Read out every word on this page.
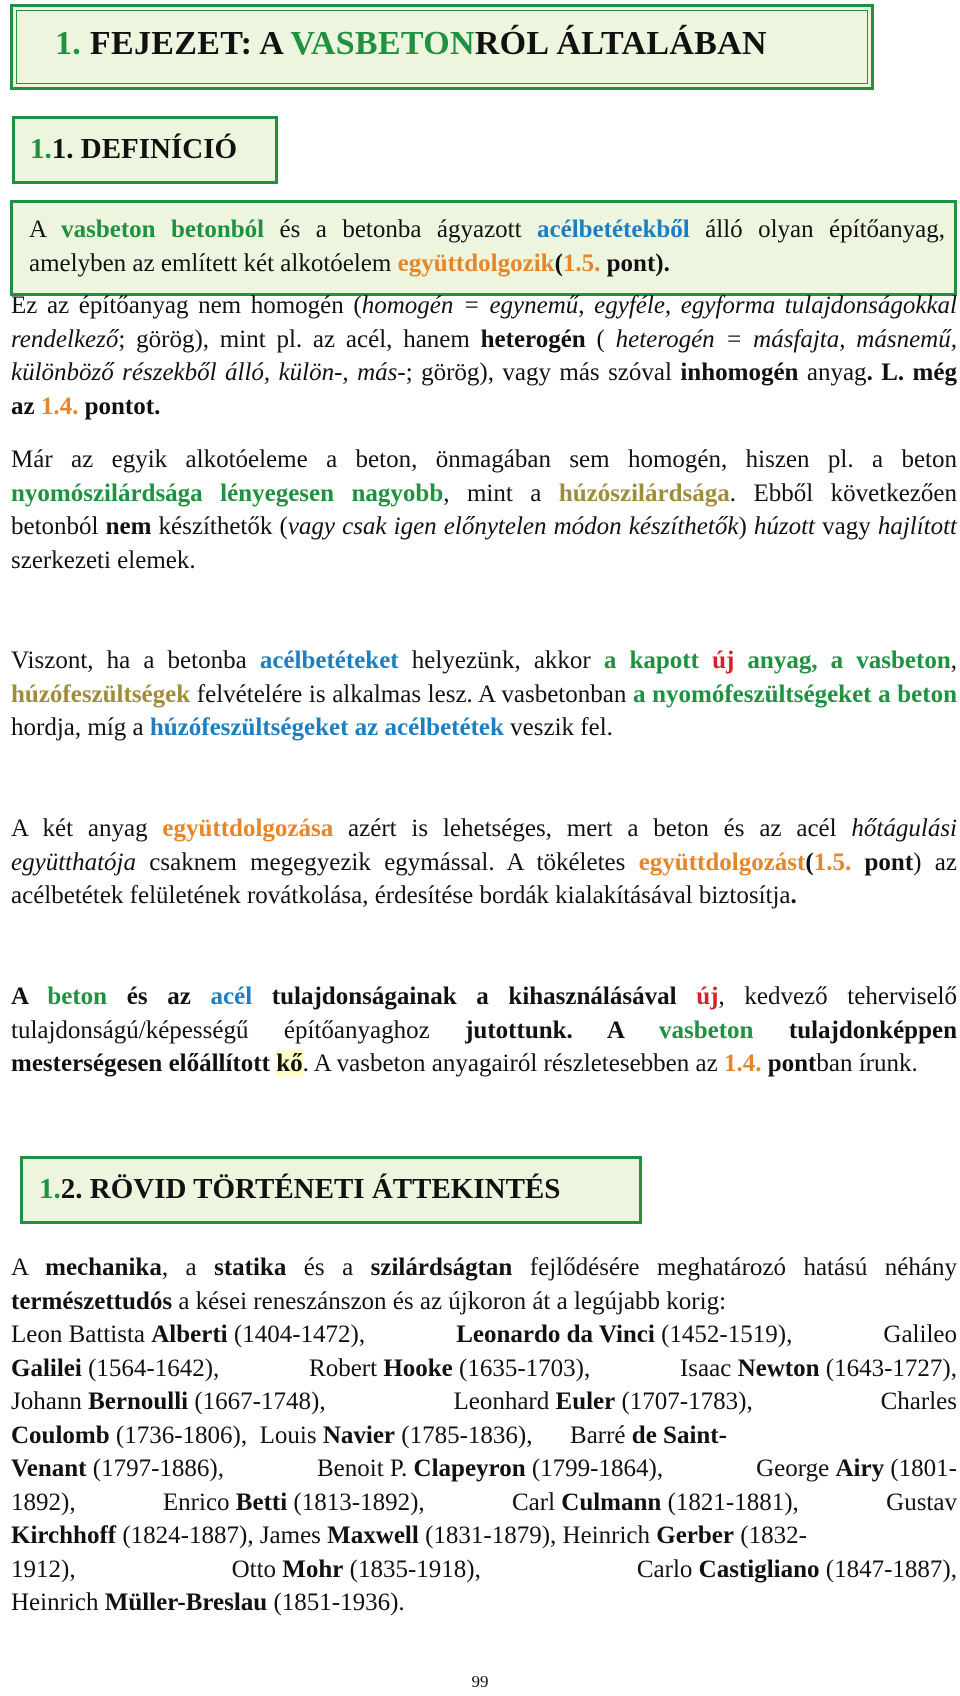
1. FEJEZET: A VASBETONRÓL ÁLTALÁBAN
1.1. DEFINÍCIÓ

A vasbeton betonból és a betonba ágyazott acélbetétekből álló olyan építőanyag, amelyben az említett két alkotóelem együttdolgozik(1.5. pont).

Ez az építőanyag nem homogén (homogén = egynemű, egyféle, egyforma tulajdonságokkal rendelkező; görög), mint pl. az acél, hanem heterogén ( heterogén = másfajta, másnemű, különböző részekből álló, külön-, más-; görög), vagy más szóval inhomogén anyag. L. még az 1.4. pontot.

Már az egyik alkotóeleme a beton, önmagában sem homogén, hiszen pl. a beton nyomószilárdsága lényegesen nagyobb, mint a húzószilárdsága. Ebből következően betonból nem készíthetők (vagy csak igen előnytelen módon készíthetők) húzott vagy hajlított szerkezeti elemek.

Viszont, ha a betonba acélbetéteket helyezünk, akkor a kapott új anyag, a vasbeton, húzófeszültségek felvételére is alkalmas lesz. A vasbetonban a nyomófeszültségeket a beton hordja, míg a húzófeszültségeket az acélbetétek veszik fel.

A két anyag együttdolgozása azért is lehetséges, mert a beton és az acél hőtágulási együtthatója csaknem megegyezik egymással. A tökéletes együttdolgozást(1.5. pont) az acélbetétek felületének rovátkolása, érdesítése bordák kialakításával biztosítja.

A beton és az acél tulajdonságainak a kihasználásával új, kedvező teherviselő tulajdonságú/képességű építőanyaghoz jutottunk. A vasbeton tulajdonképpen mesterségesen előállított kő. A vasbeton anyagairól részletesebben az 1.4. pontban írunk.

1.2. RÖVID TÖRTÉNETI ÁTTEKINTÉS

A mechanika, a statika és a szilárdságtan fejlődésére meghatározó hatású néhány természettudós a kései reneszánszon és az újkoron át a legújabb korig:

Leon Battista Alberti (1404-1472),	Leonardo da Vinci (1452-1519),	Galileo
Galilei (1564-1642),	Robert Hooke (1635-1703),	Isaac Newton (1643-1727),
Johann Bernoulli (1667-1748),	Leonhard Euler (1707-1783),	Charles
Coulomb (1736-1806), Louis Navier (1785-1836), Barré de Saint-
Venant (1797-1886),	Benoit P. Clapeyron (1799-1864),	George Airy (1801-
1892),	Enrico Betti (1813-1892),	Carl Culmann (1821-1881),	Gustav
Kirchhoff (1824-1887), James Maxwell (1831-1879), Heinrich Gerber (1832-
1912),	Otto Mohr (1835-1918),	Carlo Castigliano (1847-1887),
Heinrich Müller-Breslau (1851-1936).
99
